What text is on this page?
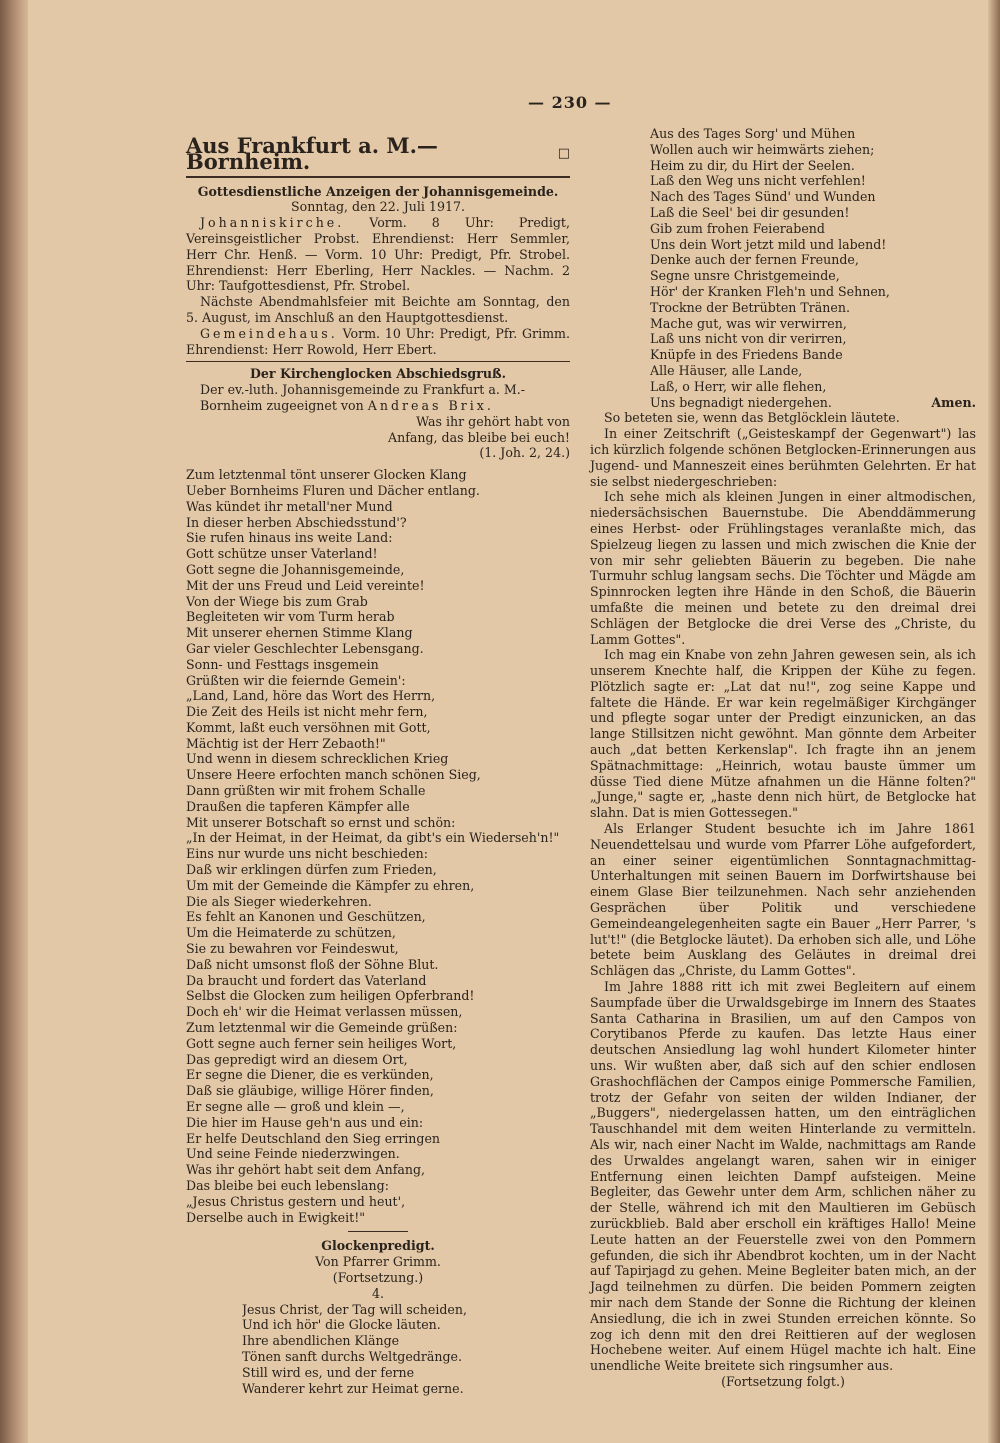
— 230 —
Aus Frankfurt a. M.—Bornheim.	□
Gottesdienstliche Anzeigen der Johannisgemeinde.
Sonntag, den 22. Juli 1917.

Johanniskirche. Vorm. 8 Uhr: Predigt, Vereinsgeistlicher Probst. Ehrendienst: Herr Semmler, Herr Chr. Henß. — Vorm. 10 Uhr: Predigt, Pfr. Strobel. Ehrendienst: Herr Eberling, Herr Nackles. — Nachm. 2 Uhr: Taufgottesdienst, Pfr. Strobel.

Nächste Abendmahlsfeier mit Beichte am Sonntag, den 5. August, im Anschluß an den Hauptgottesdienst.

Gemeindehaus. Vorm. 10 Uhr: Predigt, Pfr. Grimm. Ehrendienst: Herr Rowold, Herr Ebert.

Der Kirchenglocken Abschiedsgruß.
Der ev.-luth. Johannisgemeinde zu Frankfurt a. M.-Bornheim zugeeignet von Andreas Brix.
Was ihr gehört habt von
Anfang, das bleibe bei euch!
(1. Joh. 2, 24.)
Zum letztenmal tönt unserer Glocken Klang
Ueber Bornheims Fluren und Dächer entlang.
Was kündet ihr metall'ner Mund
In dieser herben Abschiedsstund'?
Sie rufen hinaus ins weite Land:
Gott schütze unser Vaterland!
Gott segne die Johannisgemeinde,
Mit der uns Freud und Leid vereinte!
Von der Wiege bis zum Grab
Begleiteten wir vom Turm herab
Mit unserer ehernen Stimme Klang
Gar vieler Geschlechter Lebensgang.
Sonn- und Festtags insgemein
Grüßten wir die feiernde Gemein':
„Land, Land, höre das Wort des Herrn,
Die Zeit des Heils ist nicht mehr fern,
Kommt, laßt euch versöhnen mit Gott,
Mächtig ist der Herr Zebaoth!"
Und wenn in diesem schrecklichen Krieg
Unsere Heere erfochten manch schönen Sieg,
Dann grüßten wir mit frohem Schalle
Draußen die tapferen Kämpfer alle
Mit unserer Botschaft so ernst und schön:
„In der Heimat, in der Heimat, da gibt's ein Wiederseh'n!"
Eins nur wurde uns nicht beschieden:
Daß wir erklingen dürfen zum Frieden,
Um mit der Gemeinde die Kämpfer zu ehren,
Die als Sieger wiederkehren.
Es fehlt an Kanonen und Geschützen,
Um die Heimaterde zu schützen,
Sie zu bewahren vor Feindeswut,
Daß nicht umsonst floß der Söhne Blut.
Da braucht und fordert das Vaterland
Selbst die Glocken zum heiligen Opferbrand!
Doch eh' wir die Heimat verlassen müssen,
Zum letztenmal wir die Gemeinde grüßen:
Gott segne auch ferner sein heiliges Wort,
Das gepredigt wird an diesem Ort,
Er segne die Diener, die es verkünden,
Daß sie gläubige, willige Hörer finden,
Er segne alle — groß und klein —,
Die hier im Hause geh'n aus und ein:
Er helfe Deutschland den Sieg erringen
Und seine Feinde niederzwingen.
Was ihr gehört habt seit dem Anfang,
Das bleibe bei euch lebenslang:
„Jesus Christus gestern und heut',
Derselbe auch in Ewigkeit!"
Glockenpredigt.
Von Pfarrer Grimm.
(Fortsetzung.)
4.
Jesus Christ, der Tag will scheiden,
Und ich hör' die Glocke läuten.
Ihre abendlichen Klänge
Tönen sanft durchs Weltgedränge.
Still wird es, und der ferne
Wanderer kehrt zur Heimat gerne.
Aus des Tages Sorg' und Mühen
Wollen auch wir heimwärts ziehen;
Heim zu dir, du Hirt der Seelen.
Laß den Weg uns nicht verfehlen!
Nach des Tages Sünd' und Wunden
Laß die Seel' bei dir gesunden!
Gib zum frohen Feierabend
Uns dein Wort jetzt mild und labend!
Denke auch der fernen Freunde,
Segne unsre Christgemeinde,
Hör' der Kranken Fleh'n und Sehnen,
Trockne der Betrübten Tränen.
Mache gut, was wir verwirren,
Laß uns nicht von dir verirren,
Knüpfe in des Friedens Bande
Alle Häuser, alle Lande,
Laß, o Herr, wir alle flehen,
Uns begnadigt niedergehen.	Amen.

So beteten sie, wenn das Betglöcklein läutete.

In einer Zeitschrift („Geisteskampf der Gegenwart") las ich kürzlich folgende schönen Betglocken-Erinnerungen aus Jugend- und Manneszeit eines berühmten Gelehrten. Er hat sie selbst niedergeschrieben:

Ich sehe mich als kleinen Jungen in einer altmodischen, niedersächsischen Bauernstube. Die Abenddämmerung eines Herbst- oder Frühlingstages veranlaßte mich, das Spielzeug liegen zu lassen und mich zwischen die Knie der von mir sehr geliebten Bäuerin zu begeben. Die nahe Turmuhr schlug langsam sechs. Die Töchter und Mägde am Spinnrocken legten ihre Hände in den Schoß, die Bäuerin umfaßte die meinen und betete zu den dreimal drei Schlägen der Betglocke die drei Verse des „Christe, du Lamm Gottes".

Ich mag ein Knabe von zehn Jahren gewesen sein, als ich unserem Knechte half, die Krippen der Kühe zu fegen. Plötzlich sagte er: „Lat dat nu!", zog seine Kappe und faltete die Hände. Er war kein regelmäßiger Kirchgänger und pflegte sogar unter der Predigt einzunicken, an das lange Stillsitzen nicht gewöhnt. Man gönnte dem Arbeiter auch „dat betten Kerkenslap". Ich fragte ihn an jenem Spätnachmittage: „Heinrich, wotau bauste ümmer um düsse Tied diene Mütze afnahmen un die Hänne folten?" „Junge," sagte er, „haste denn nich hürt, de Betglocke hat slahn. Dat is mien Gottessegen."

Als Erlanger Student besuchte ich im Jahre 1861 Neuendettelsau und wurde vom Pfarrer Löhe aufgefordert, an einer seiner eigentümlichen Sonntagnachmittag-Unterhaltungen mit seinen Bauern im Dorfwirtshause bei einem Glase Bier teilzunehmen. Nach sehr anziehenden Gesprächen über Politik und verschiedene Gemeindeangelegenheiten sagte ein Bauer „Herr Parrer, 's lut't!" (die Betglocke läutet). Da erhoben sich alle, und Löhe betete beim Ausklang des Geläutes in dreimal drei Schlägen das „Christe, du Lamm Gottes".

Im Jahre 1888 ritt ich mit zwei Begleitern auf einem Saumpfade über die Urwaldsgebirge im Innern des Staates Santa Catharina in Brasilien, um auf den Campos von Corytibanos Pferde zu kaufen. Das letzte Haus einer deutschen Ansiedlung lag wohl hundert Kilometer hinter uns. Wir wußten aber, daß sich auf den schier endlosen Grashochflächen der Campos einige Pommersche Familien, trotz der Gefahr von seiten der wilden Indianer, der „Buggers", niedergelassen hatten, um den einträglichen Tauschhandel mit dem weiten Hinterlande zu vermitteln. Als wir, nach einer Nacht im Walde, nachmittags am Rande des Urwaldes angelangt waren, sahen wir in einiger Entfernung einen leichten Dampf aufsteigen. Meine Begleiter, das Gewehr unter dem Arm, schlichen näher zu der Stelle, während ich mit den Maultieren im Gebüsch zurückblieb. Bald aber erscholl ein kräftiges Hallo! Meine Leute hatten an der Feuerstelle zwei von den Pommern gefunden, die sich ihr Abendbrot kochten, um in der Nacht auf Tapirjagd zu gehen. Meine Begleiter baten mich, an der Jagd teilnehmen zu dürfen. Die beiden Pommern zeigten mir nach dem Stande der Sonne die Richtung der kleinen Ansiedlung, die ich in zwei Stunden erreichen könnte. So zog ich denn mit den drei Reittieren auf der weglosen Hochebene weiter. Auf einem Hügel machte ich halt. Eine unendliche Weite breitete sich ringsumher aus.

(Fortsetzung folgt.)
